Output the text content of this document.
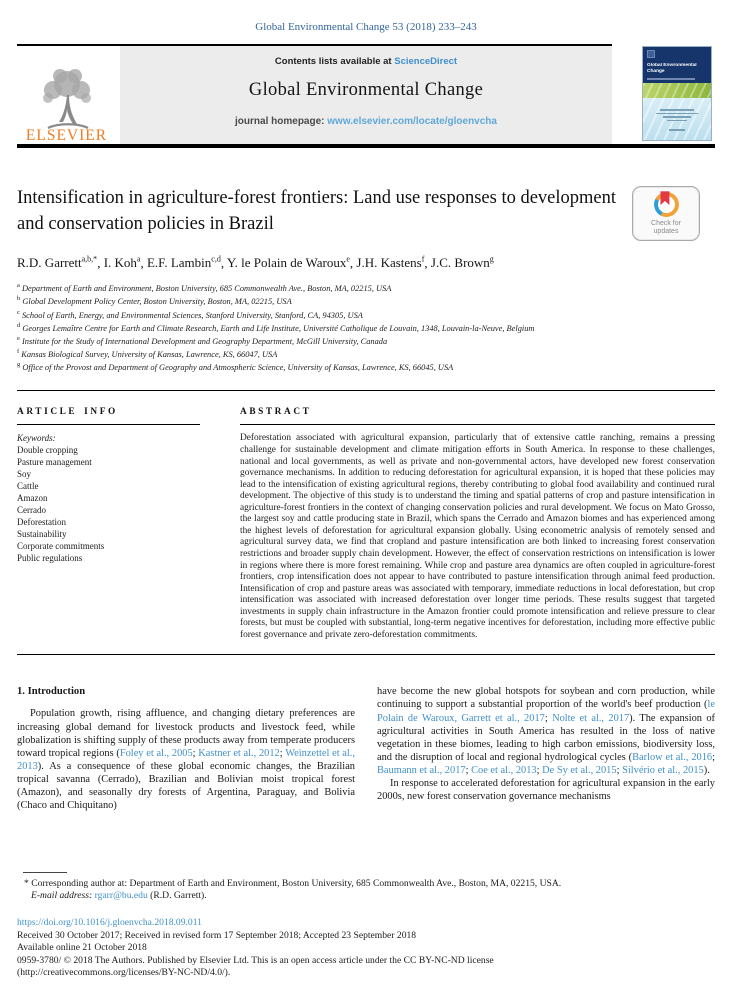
Global Environmental Change 53 (2018) 233–243
ELSEVIER
Contents lists available at ScienceDirect
Global Environmental Change
journal homepage: www.elsevier.com/locate/gloenvcha
Global Environmental Change
Intensification in agriculture-forest frontiers: Land use responses to development and conservation policies in Brazil	Check for
updates
R.D. Garrett$^{a,b,*}$, I. Koh$^a$, E.F. Lambin$^{c,d}$, Y. le Polain de Waroux$^e$, J.H. Kastens$^f$, J.C. Brown$^g$
$^a$ Department of Earth and Environment, Boston University, 685 Commonwealth Ave., Boston, MA, 02215, USA
$^b$ Global Development Policy Center, Boston University, Boston, MA, 02215, USA
$^c$ School of Earth, Energy, and Environmental Sciences, Stanford University, Stanford, CA, 94305, USA
$^d$ Georges Lemaître Centre for Earth and Climate Research, Earth and Life Institute, Université Catholique de Louvain, 1348, Louvain-la-Neuve, Belgium
$^e$ Institute for the Study of International Development and Geography Department, McGill University, Canada
$^f$ Kansas Biological Survey, University of Kansas, Lawrence, KS, 66047, USA
$^g$ Office of the Provost and Department of Geography and Atmospheric Science, University of Kansas, Lawrence, KS, 66045, USA
ARTICLE INFO
Keywords:
Double cropping
Pasture management
Soy
Cattle
Amazon
Cerrado
Deforestation
Sustainability
Corporate commitments
Public regulations
ABSTRACT

Deforestation associated with agricultural expansion, particularly that of extensive cattle ranching, remains a pressing challenge for sustainable development and climate mitigation efforts in South America. In response to these challenges, national and local governments, as well as private and non-governmental actors, have developed new forest conservation governance mechanisms. In addition to reducing deforestation for agricultural expansion, it is hoped that these policies may lead to the intensification of existing agricultural regions, thereby contributing to global food availability and continued rural development. The objective of this study is to understand the timing and spatial patterns of crop and pasture intensification in agriculture-forest frontiers in the context of changing conservation policies and rural development. We focus on Mato Grosso, the largest soy and cattle producing state in Brazil, which spans the Cerrado and Amazon biomes and has experienced among the highest levels of deforestation for agricultural expansion globally. Using econometric analysis of remotely sensed and agricultural survey data, we find that cropland and pasture intensification are both linked to increasing forest conservation restrictions and broader supply chain development. However, the effect of conservation restrictions on intensification is lower in regions where there is more forest remaining. While crop and pasture area dynamics are often coupled in agriculture-forest frontiers, crop intensification does not appear to have contributed to pasture intensification through animal feed production. Intensification of crop and pasture areas was associated with temporary, immediate reductions in local deforestation, but crop intensification was associated with increased deforestation over longer time periods. These results suggest that targeted investments in supply chain infrastructure in the Amazon frontier could promote intensification and relieve pressure to clear forests, but must be coupled with substantial, long-term negative incentives for deforestation, including more effective public forest governance and private zero-deforestation commitments.

1. Introduction

Population growth, rising affluence, and changing dietary preferences are increasing global demand for livestock products and livestock feed, while globalization is shifting supply of these products away from temperate producers toward tropical regions (Foley et al., 2005; Kastner et al., 2012; Weinzettel et al., 2013). As a consequence of these global economic changes, the Brazilian tropical savanna (Cerrado), Brazilian and Bolivian moist tropical forest (Amazon), and seasonally dry forests of Argentina, Paraguay, and Bolivia (Chaco and Chiquitano)

have become the new global hotspots for soybean and corn production, while continuing to support a substantial proportion of the world's beef production (le Polain de Waroux, Garrett et al., 2017; Nolte et al., 2017). The expansion of agricultural activities in South America has resulted in the loss of native vegetation in these biomes, leading to high carbon emissions, biodiversity loss, and the disruption of local and regional hydrological cycles (Barlow et al., 2016; Baumann et al., 2017; Coe et al., 2013; De Sy et al., 2015; Silvério et al., 2015).

In response to accelerated deforestation for agricultural expansion in the early 2000s, new forest conservation governance mechanisms

* Corresponding author at: Department of Earth and Environment, Boston University, 685 Commonwealth Ave., Boston, MA, 02215, USA.
E-mail address: rgarr@bu.edu (R.D. Garrett).
https://doi.org/10.1016/j.gloenvcha.2018.09.011
Received 30 October 2017; Received in revised form 17 September 2018; Accepted 23 September 2018
Available online 21 October 2018
0959-3780/ © 2018 The Authors. Published by Elsevier Ltd. This is an open access article under the CC BY-NC-ND license
(http://creativecommons.org/licenses/BY-NC-ND/4.0/).
